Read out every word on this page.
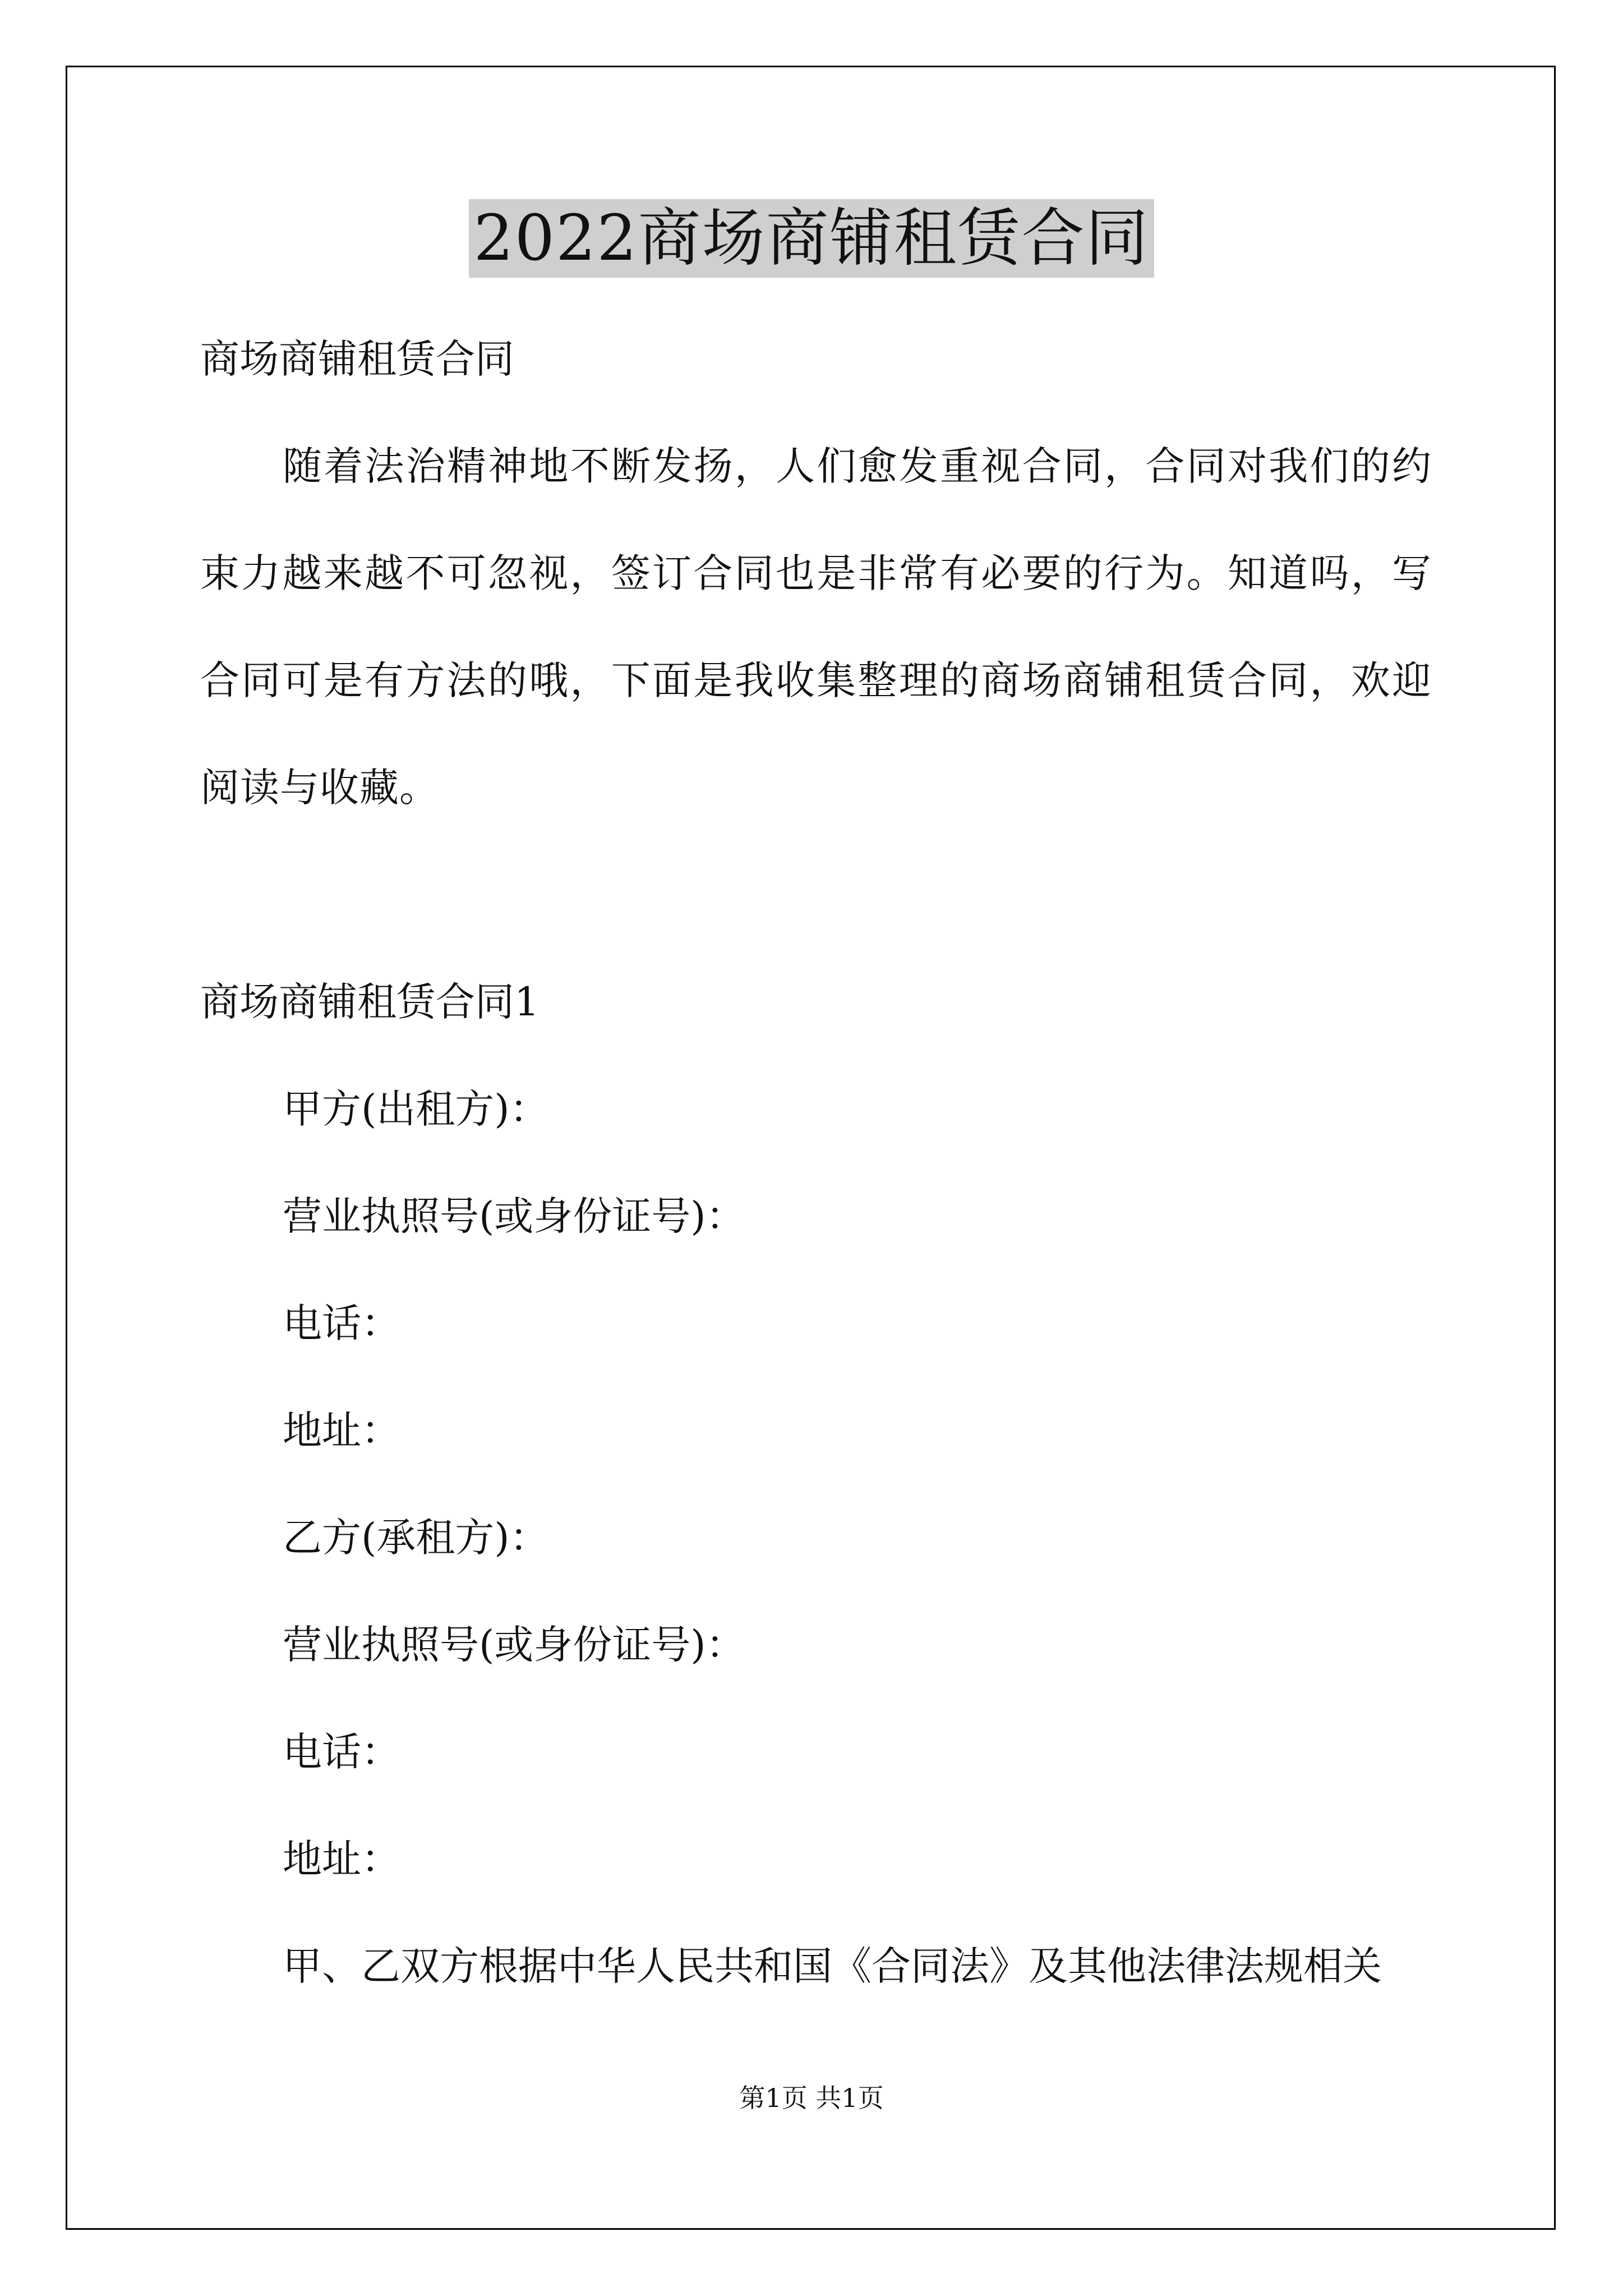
2022商场商铺租赁合同
商场商铺租赁合同
随着法治精神地不断发扬，人们愈发重视合同，合同对我们的约束力越来越不可忽视，签订合同也是非常有必要的行为。知道吗，写合同可是有方法的哦，下面是我收集整理的商场商铺租赁合同，欢迎阅读与收藏。
商场商铺租赁合同1
甲方(出租方)：
营业执照号(或身份证号)：
电话：
地址：
乙方(承租方)：
营业执照号(或身份证号)：
电话：
地址：
甲、乙双方根据中华人民共和国《合同法》及其他法律法规相关
第1页 共1页
